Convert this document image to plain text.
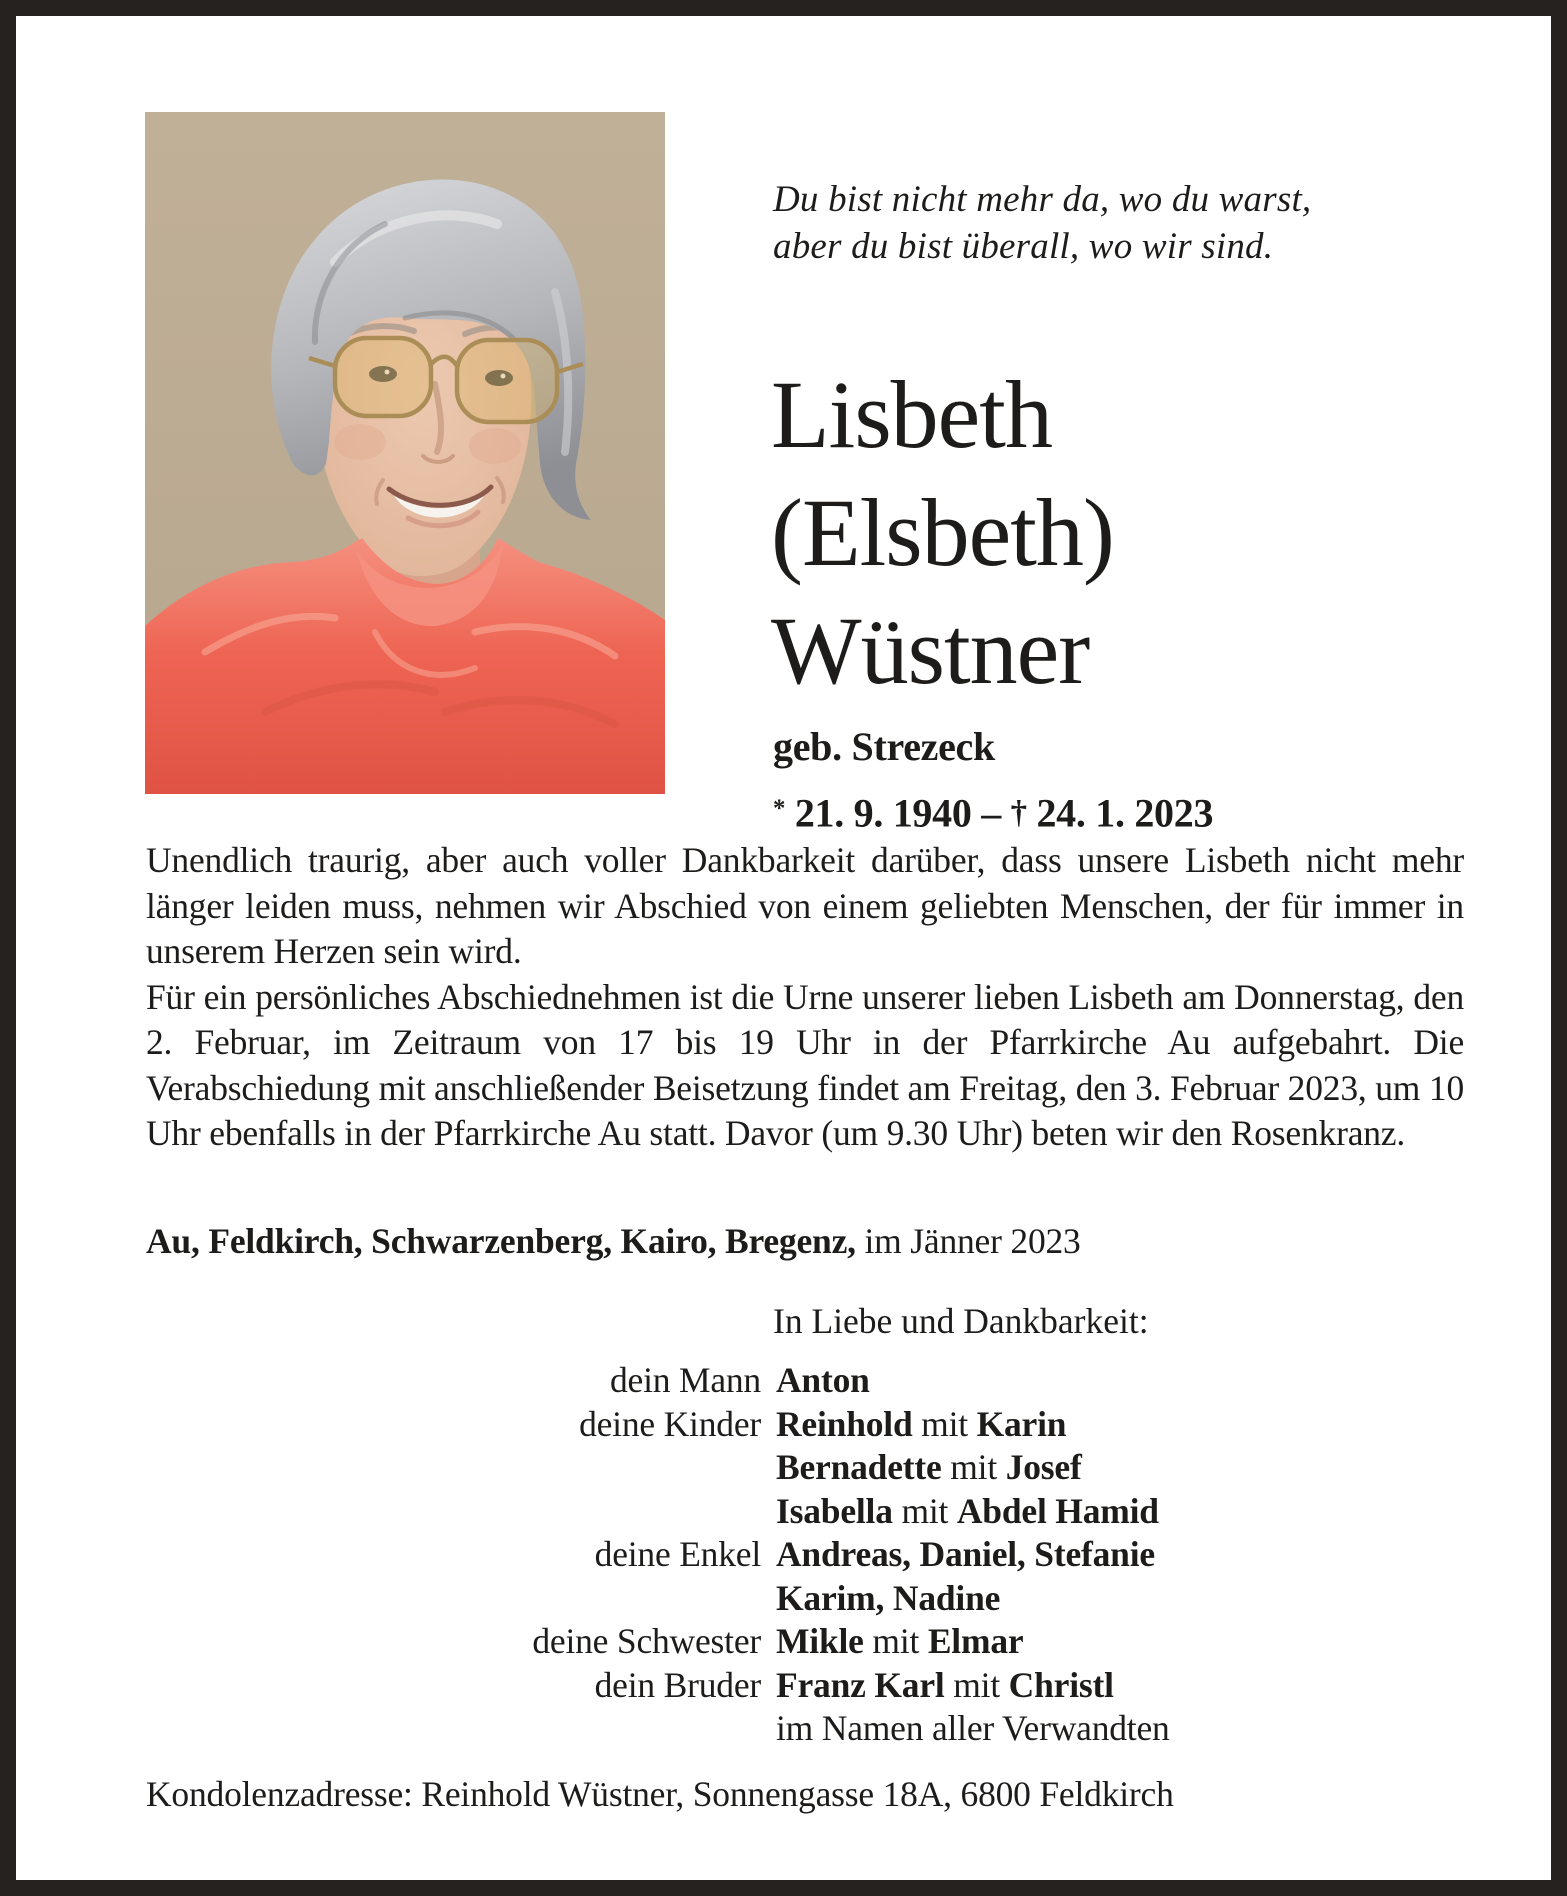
Du bist nicht mehr da, wo du warst,
aber du bist überall, wo wir sind.
Lisbeth
(Elsbeth)
Wüstner
geb. Strezeck
* 21. 9. 1940 – † 24. 1. 2023

Unendlich traurig, aber auch voller Dankbarkeit darüber, dass unsere Lisbeth nicht mehr länger leiden muss, nehmen wir Abschied von einem geliebten Menschen, der für immer in unserem Herzen sein wird.

Für ein persönliches Abschiednehmen ist die Urne unserer lieben Lisbeth am Donnerstag, den 2. Februar, im Zeitraum von 17 bis 19 Uhr in der Pfarrkirche Au aufgebahrt. Die Verabschiedung mit anschließender Beisetzung findet am Freitag, den 3. Februar 2023, um 10 Uhr ebenfalls in der Pfarrkirche Au statt. Davor (um 9.30 Uhr) beten wir den Rosenkranz.

Au, Feldkirch, Schwarzenberg, Kairo, Bregenz, im Jänner 2023
In Liebe und Dankbarkeit:
dein Mann Anton
deine Kinder Reinhold mit Karin
Bernadette mit Josef
Isabella mit Abdel Hamid
deine Enkel Andreas, Daniel, Stefanie
Karim, Nadine
deine Schwester Mikle mit Elmar
dein Bruder Franz Karl mit Christl
im Namen aller Verwandten
Kondolenzadresse: Reinhold Wüstner, Sonnengasse 18A, 6800 Feldkirch
